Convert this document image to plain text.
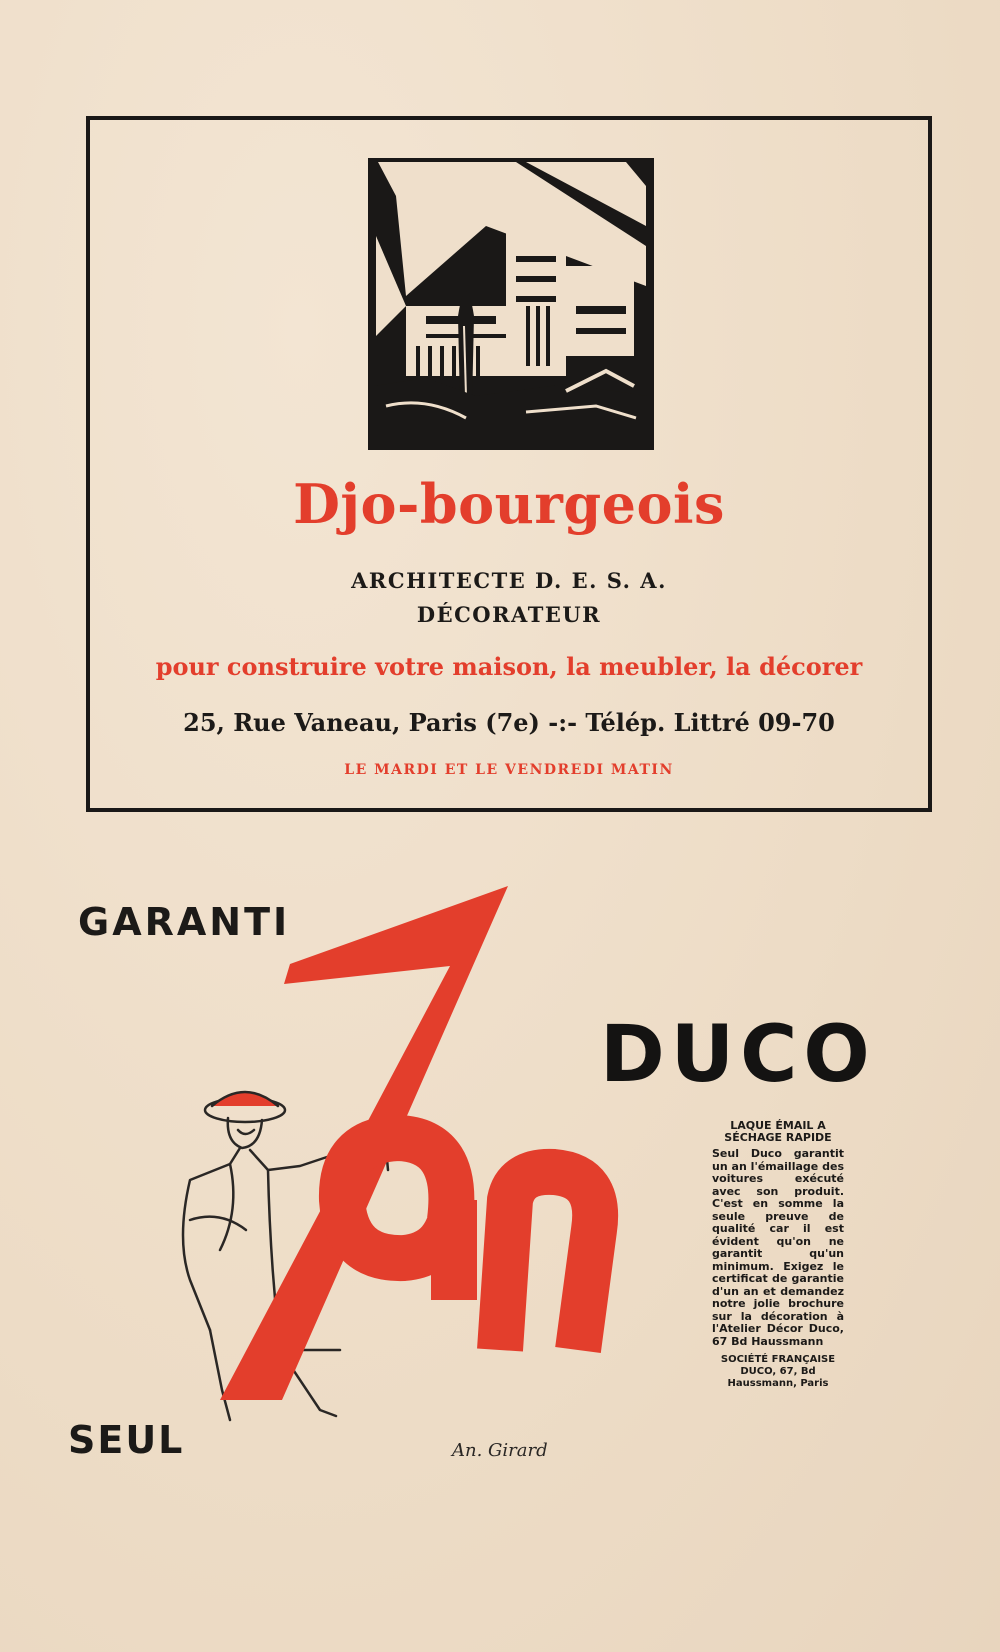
Djo-bourgeois
ARCHITECTE D. E. S. A.
DÉCORATEUR
pour construire votre maison, la meubler, la décorer
25, Rue Vaneau, Paris (7e) -:- Télép. Littré 09-70
LE MARDI ET LE VENDREDI MATIN
GARANTI
SEUL	An. Girard
DUCO
LAQUE ÉMAIL A SÉCHAGE RAPIDE
Seul Duco garantit un an l'émaillage des voitures exécuté avec son produit. C'est en somme la seule preuve de qualité car il est évident qu'on ne garantit qu'un minimum. Exigez le certificat de garantie d'un an et demandez notre jolie brochure sur la décoration à l'Atelier Décor Duco, 67 Bd Haussmann
SOCIÉTÉ FRANÇAISE DUCO, 67, Bd Haussmann, Paris
